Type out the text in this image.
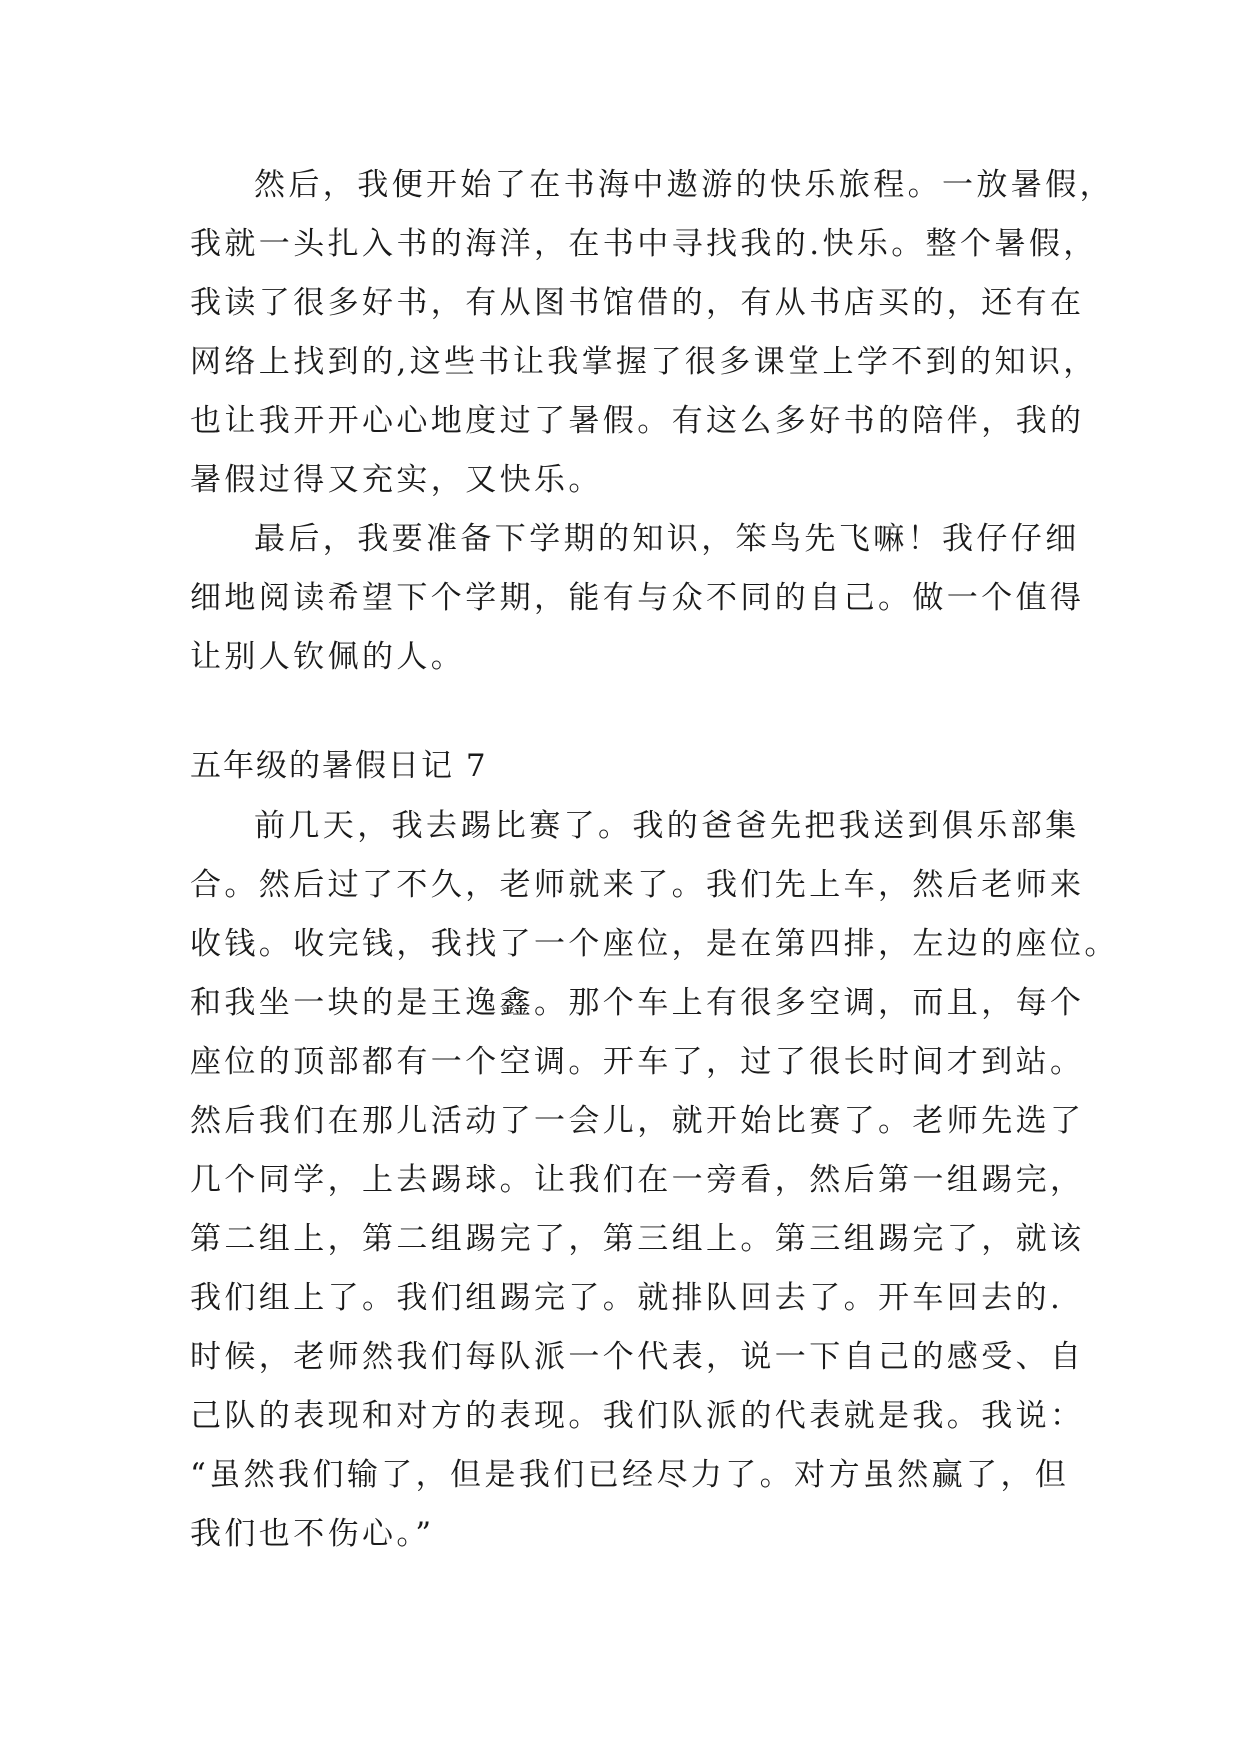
然后，我便开始了在书海中遨游的快乐旅程。一放暑假，
我就一头扎入书的海洋，在书中寻找我的.快乐。整个暑假，
我读了很多好书，有从图书馆借的，有从书店买的，还有在
网络上找到的,这些书让我掌握了很多课堂上学不到的知识，
也让我开开心心地度过了暑假。有这么多好书的陪伴，我的
暑假过得又充实，又快乐。
最后，我要准备下学期的知识，笨鸟先飞嘛！我仔仔细
细地阅读希望下个学期，能有与众不同的自己。做一个值得
让别人钦佩的人。
五年级的暑假日记 7
前几天，我去踢比赛了。我的爸爸先把我送到俱乐部集
合。然后过了不久，老师就来了。我们先上车，然后老师来
收钱。收完钱，我找了一个座位，是在第四排，左边的座位。
和我坐一块的是王逸鑫。那个车上有很多空调，而且，每个
座位的顶部都有一个空调。开车了，过了很长时间才到站。
然后我们在那儿活动了一会儿，就开始比赛了。老师先选了
几个同学，上去踢球。让我们在一旁看，然后第一组踢完，
第二组上，第二组踢完了，第三组上。第三组踢完了，就该
我们组上了。我们组踢完了。就排队回去了。开车回去的.
时候，老师然我们每队派一个代表，说一下自己的感受、自
己队的表现和对方的表现。我们队派的代表就是我。我说：
“虽然我们输了，但是我们已经尽力了。对方虽然赢了，但
我们也不伤心。”
